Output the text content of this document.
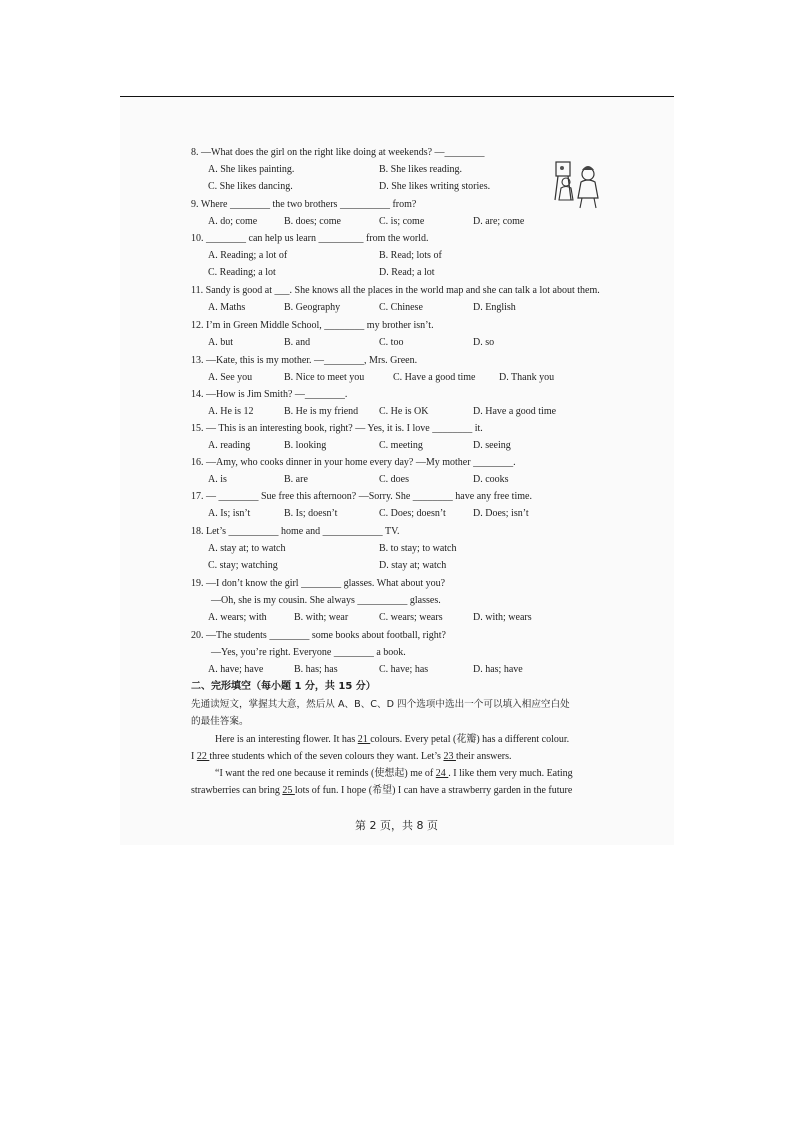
8. —What does the girl on the right like doing at weekends? —________
A. She likes painting.	B. She likes reading.
C. She likes dancing.	D. She likes writing stories.
9. Where ________ the two brothers __________ from?
A. do; come	B. does; come	C. is; come	D. are; come
10. ________ can help us learn _________ from the world.
A. Reading; a lot of	B. Read; lots of
C. Reading; a lot	D. Read; a lot
11. Sandy is good at ___. She knows all the places in the world map and she can talk a lot about them.
A. Maths	B. Geography	C. Chinese	D. English
12. I’m in Green Middle School, ________ my brother isn’t.
A. but	B. and	C. too	D. so
13. —Kate, this is my mother. —________, Mrs. Green.
A. See you	B. Nice to meet you	C. Have a good time D. Thank you
14. —How is Jim Smith? —________.
A. He is 12	B. He is my friend C. He is OK	D. Have a good time
15. — This is an interesting book, right? — Yes, it is. I love ________ it.
A. reading	B. looking	C. meeting	D. seeing
16. —Amy, who cooks dinner in your home every day? —My mother ________.
A. is	B. are	C. does	D. cooks
17. — ________ Sue free this afternoon? —Sorry. She ________ have any free time.
A. Is; isn’t	B. Is; doesn’t	C. Does; doesn’t	D. Does; isn’t
18. Let’s __________ home and ____________ TV.
A. stay at; to watch	B. to stay; to watch
C. stay; watching	D. stay at; watch
19. —I don’t know the girl ________ glasses. What about you?
—Oh, she is my cousin. She always __________ glasses.
A. wears; with	B. with; wear	C. wears; wears	D. with; wears
20. —The students ________ some books about football, right?
—Yes, you’re right. Everyone ________ a book.
A. have; have	B. has; has	C. have; has	D. has; have
二、完形填空（每小题 1 分，共 15 分）
先通读短文，掌握其大意，然后从 A、B、C、D 四个选项中选出一个可以填入相应空白处
的最佳答案。
Here is an interesting flower. It has 21 colours. Every petal (花瓣) has a different colour.
I 22 three students which of the seven colours they want. Let’s 23 their answers.
“I want the red one because it reminds (使想起) me of 24 . I like them very much. Eating
strawberries can bring 25 lots of fun. I hope (希望) I can have a strawberry garden in the future
第 2 页，共 8 页
